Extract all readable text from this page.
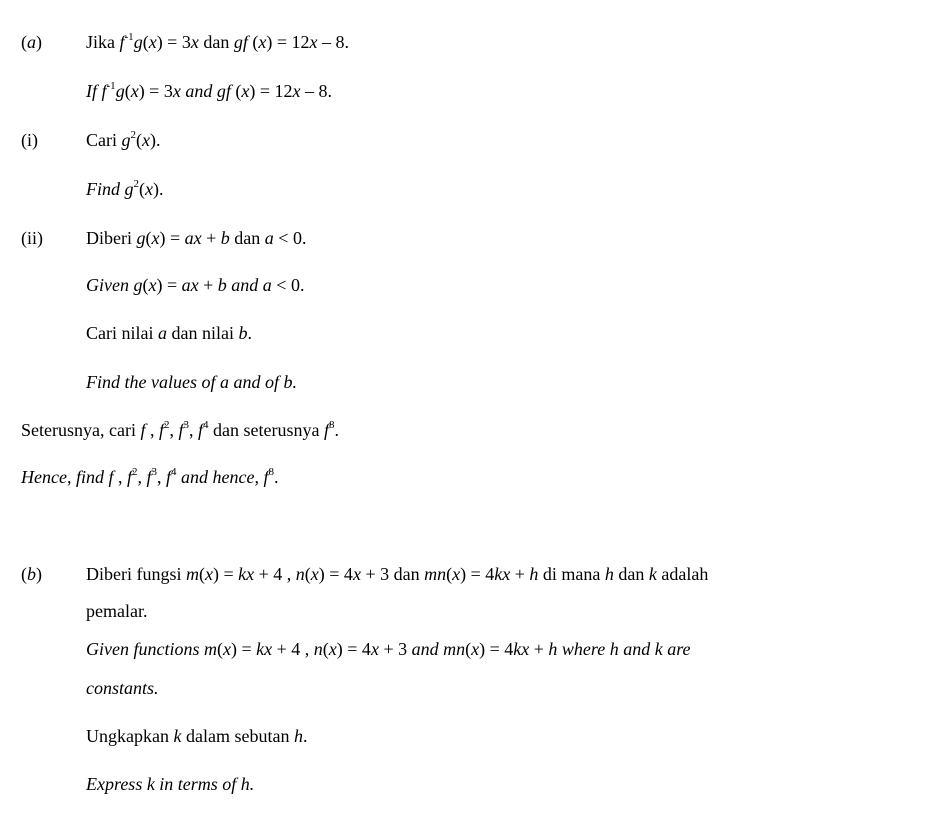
(a) Jika $f^{-1}g(x) = 3x$ dan gf (x) = 12x – 8.
If $f^{-1}g(x) = 3x$ and gf (x) = 12x – 8.
(i)	Cari $g^2(x)$.
Find $g^2(x)$.
(ii) Diberi g(x) = ax + b dan a < 0.
Given g(x) = ax + b and a < 0.
Cari nilai a dan nilai b.
Find the values of a and of b.
Seterusnya, cari f , $f^2$, $f^3$, $f^4$ dan seterusnya $f^8$.
Hence, find f , $f^2$, $f^3$, $f^4$ and hence, $f^8$.
(b) Diberi fungsi m(x) = kx + 4 , n(x) = 4x + 3 dan mn(x) = 4kx + h di mana h dan k adalah
pemalar.
Given functions m(x) = kx + 4 , n(x) = 4x + 3 and mn(x) = 4kx + h where h and k are
constants.
Ungkapkan k dalam sebutan h.
Express k in terms of h.
